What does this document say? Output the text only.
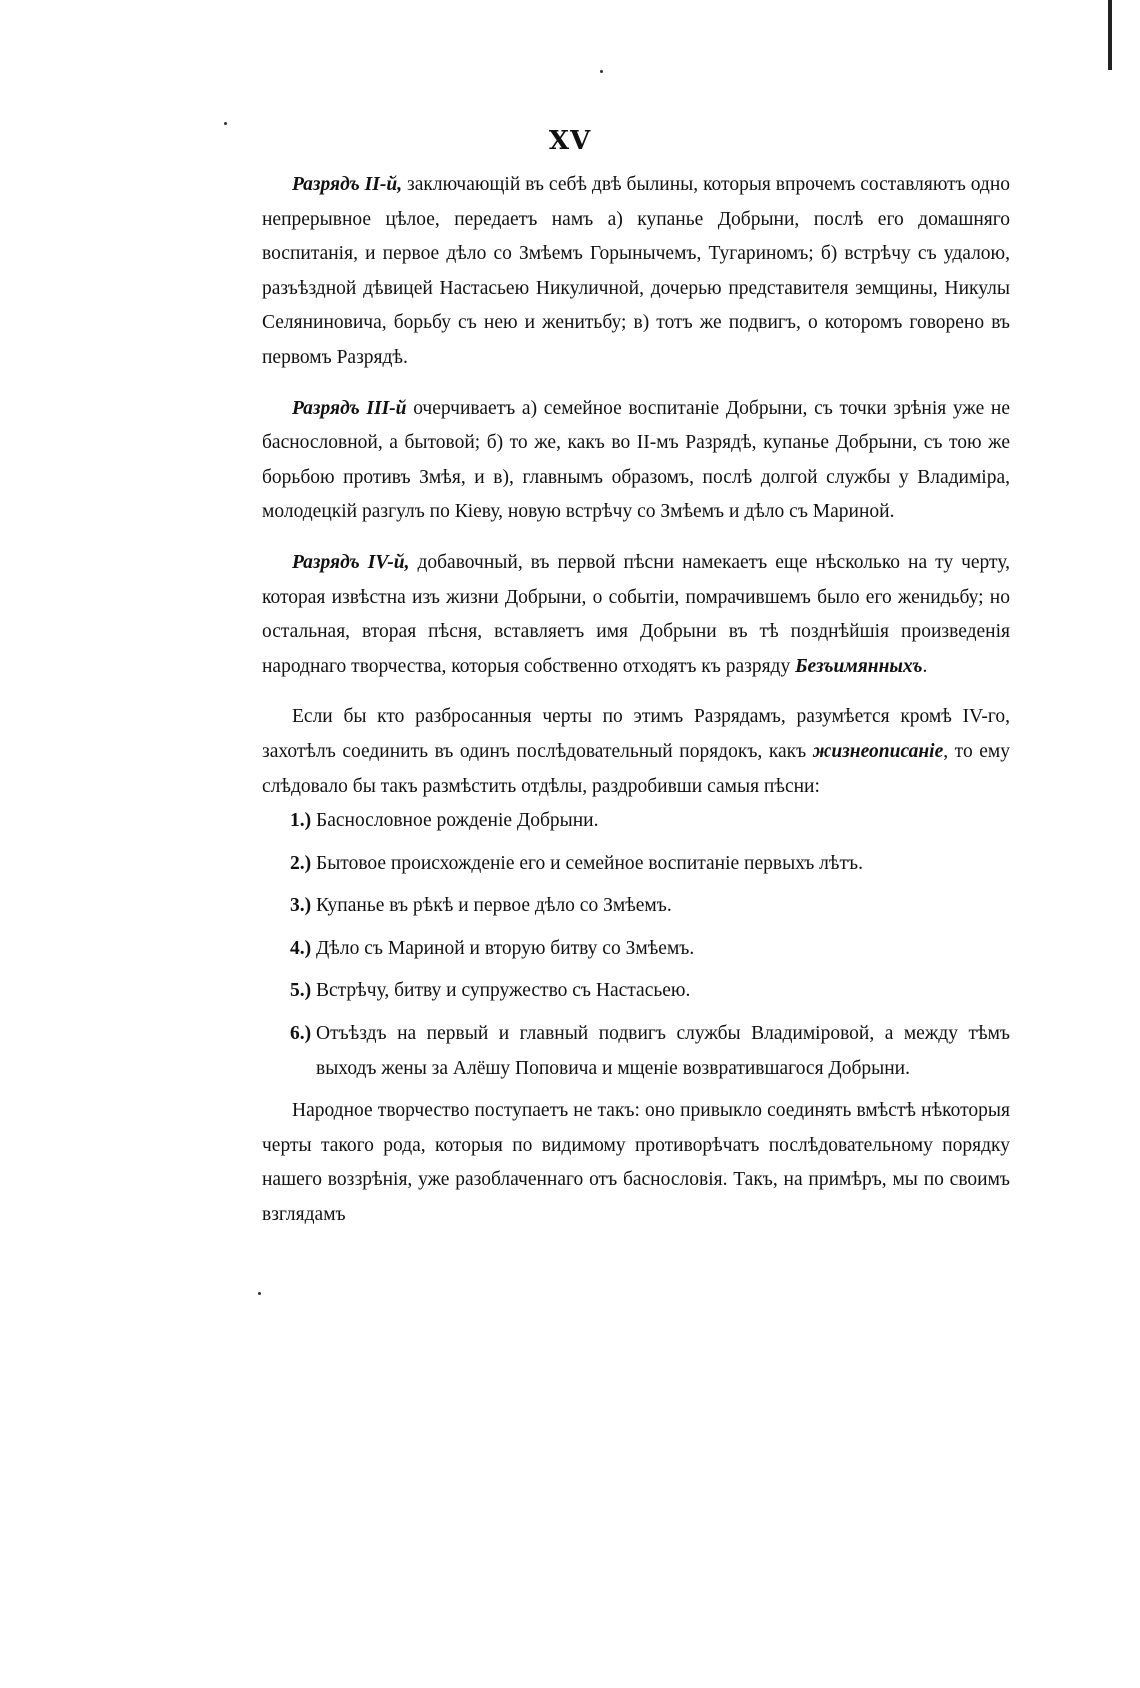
XV

Разрядъ II-й, заключающій въ себѣ двѣ былины, которыя впрочемъ составляютъ одно непрерывное цѣлое, передаетъ намъ а) купанье Добрыни, послѣ его домашняго воспитанія, и первое дѣло со Змѣемъ Горынычемъ, Тугариномъ; б) встрѣчу съ удалою, разъѣздной дѣвицей Настасьею Никуличной, дочерью представителя земщины, Никулы Селяниновича, борьбу съ нею и женитьбу; в) тотъ же подвигъ, о которомъ говорено въ первомъ Разрядѣ.

Разрядъ III-й очерчиваетъ а) семейное воспитаніе Добрыни, съ точки зрѣнія уже не баснословной, а бытовой; б) то же, какъ во II-мъ Разрядѣ, купанье Добрыни, съ тою же борьбою противъ Змѣя, и в), главнымъ образомъ, послѣ долгой службы у Владиміра, молодецкій разгулъ по Кіеву, новую встрѣчу со Змѣемъ и дѣло съ Мариной.

Разрядъ IV-й, добавочный, въ первой пѣсни намекаетъ еще нѣсколько на ту черту, которая извѣстна изъ жизни Добрыни, о событіи, помрачившемъ было его женидьбу; но остальная, вторая пѣсня, вставляетъ имя Добрыни въ тѣ позднѣйшія произведенія народнаго творчества, которыя собственно отходятъ къ разряду Безъимянныхъ.

Если бы кто разбросанныя черты по этимъ Разрядамъ, разумѣется кромѣ IV-го, захотѣлъ соединить въ одинъ послѣдовательный порядокъ, какъ жизнеописаніе, то ему слѣдовало бы такъ размѣстить отдѣлы, раздробивши самыя пѣсни:

1.) Баснословное рожденіе Добрыни.
2.) Бытовое происхожденіе его и семейное воспитаніе первыхъ лѣтъ.
3.) Купанье въ рѣкѣ и первое дѣло со Змѣемъ.
4.) Дѣло съ Мариной и вторую битву со Змѣемъ.
5.) Встрѣчу, битву и супружество съ Настасьею.
6.) Отъѣздъ на первый и главный подвигъ службы Владиміровой, а между тѣмъ выходъ жены за Алёшу Поповича и мщеніе возвратившагося Добрыни.

Народное творчество поступаетъ не такъ: оно привыкло соединять вмѣстѣ нѣкоторыя черты такого рода, которыя по видимому противорѣчатъ послѣдовательному порядку нашего воззрѣнія, уже разоблаченнаго отъ баснословія. Такъ, на примѣръ, мы по своимъ взглядамъ
